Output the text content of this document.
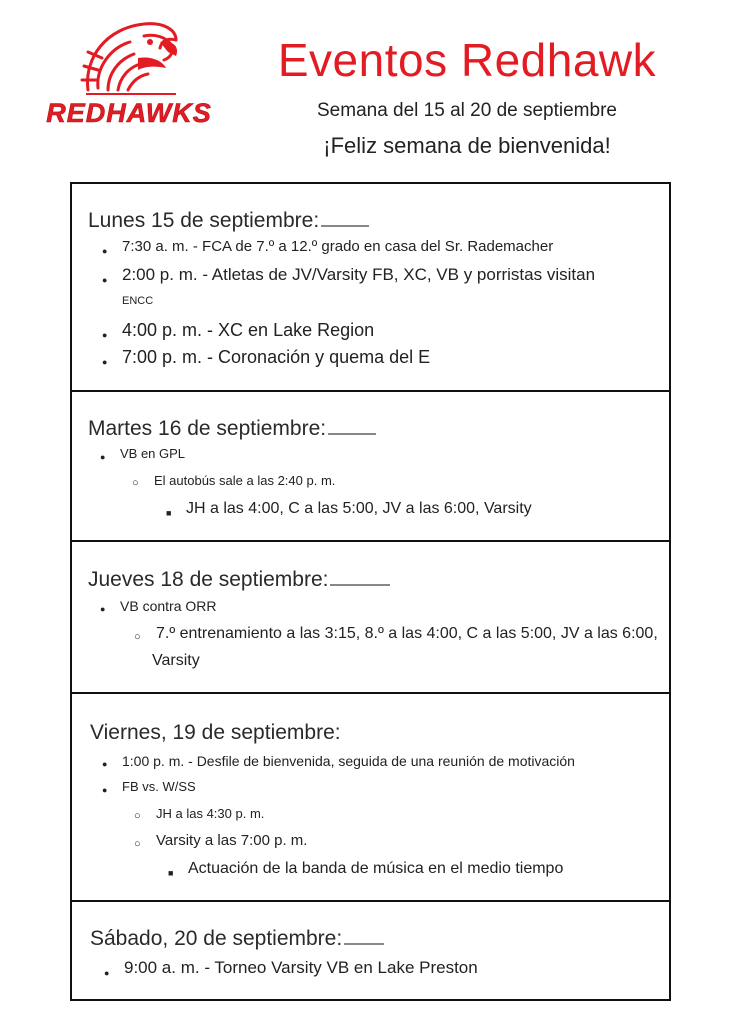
REDHAWKS
Eventos Redhawk
Semana del 15 al 20 de septiembre
¡Feliz semana de bienvenida!
Lunes 15 de septiembre:
● 7:30 a. m. - FCA de 7.º a 12.º grado en casa del Sr. Rademacher
● 2:00 p. m. - Atletas de JV/Varsity FB, XC, VB y porristas visitan
ENCC
● 4:00 p. m. - XC en Lake Region
● 7:00 p. m. - Coronación y quema del E
Martes 16 de septiembre:
● VB en GPL
○ El autobús sale a las 2:40 p. m.
■ JH a las 4:00, C a las 5:00, JV a las 6:00, Varsity
Jueves 18 de septiembre:
● VB contra ORR
○ 7.º entrenamiento a las 3:15, 8.º a las 4:00, C a las 5:00, JV a las 6:00,
Varsity
Viernes, 19 de septiembre:
● 1:00 p. m. - Desfile de bienvenida, seguida de una reunión de motivación
● FB vs. W/SS
○ JH a las 4:30 p. m.
○ Varsity a las 7:00 p. m.
■ Actuación de la banda de música en el medio tiempo
Sábado, 20 de septiembre:
● 9:00 a. m. - Torneo Varsity VB en Lake Preston
